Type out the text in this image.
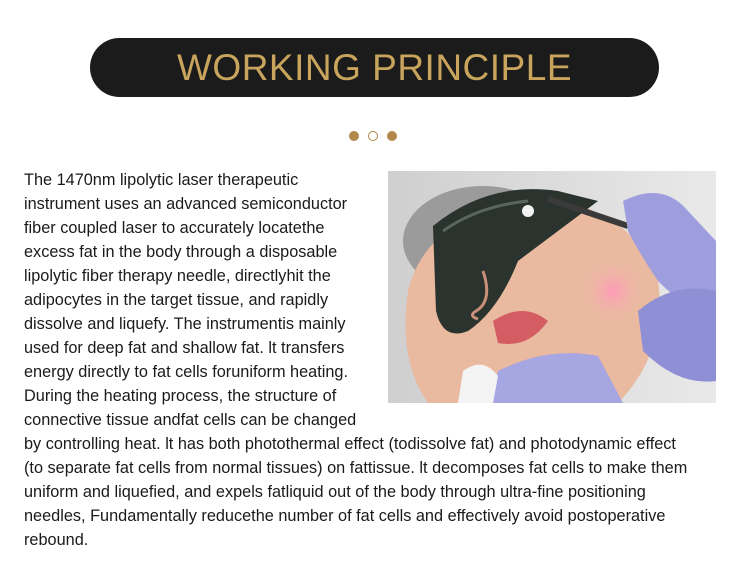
WORKING PRINCIPLE
The 1470nm lipolytic laser therapeutic
instrument uses an advanced semiconductor
fiber coupled laser to accurately locatethe
excess fat in the body through a disposable
lipolytic fiber therapy needle, directlyhit the
adipocytes in the target tissue, and rapidly
dissolve and liquefy. The instrumentis mainly
used for deep fat and shallow fat. lt transfers
energy directly to fat cells foruniform heating.
During the heating process, the structure of
connective tissue andfat cells can be changed
by controlling heat. lt has both photothermal effect (todissolve fat) and photodynamic effect
(to separate fat cells from normal tissues) on fattissue. lt decomposes fat cells to make them
uniform and liquefied, and expels fatliquid out of the body through ultra-fine positioning
needles, Fundamentally reducethe number of fat cells and effectively avoid postoperative
rebound.
